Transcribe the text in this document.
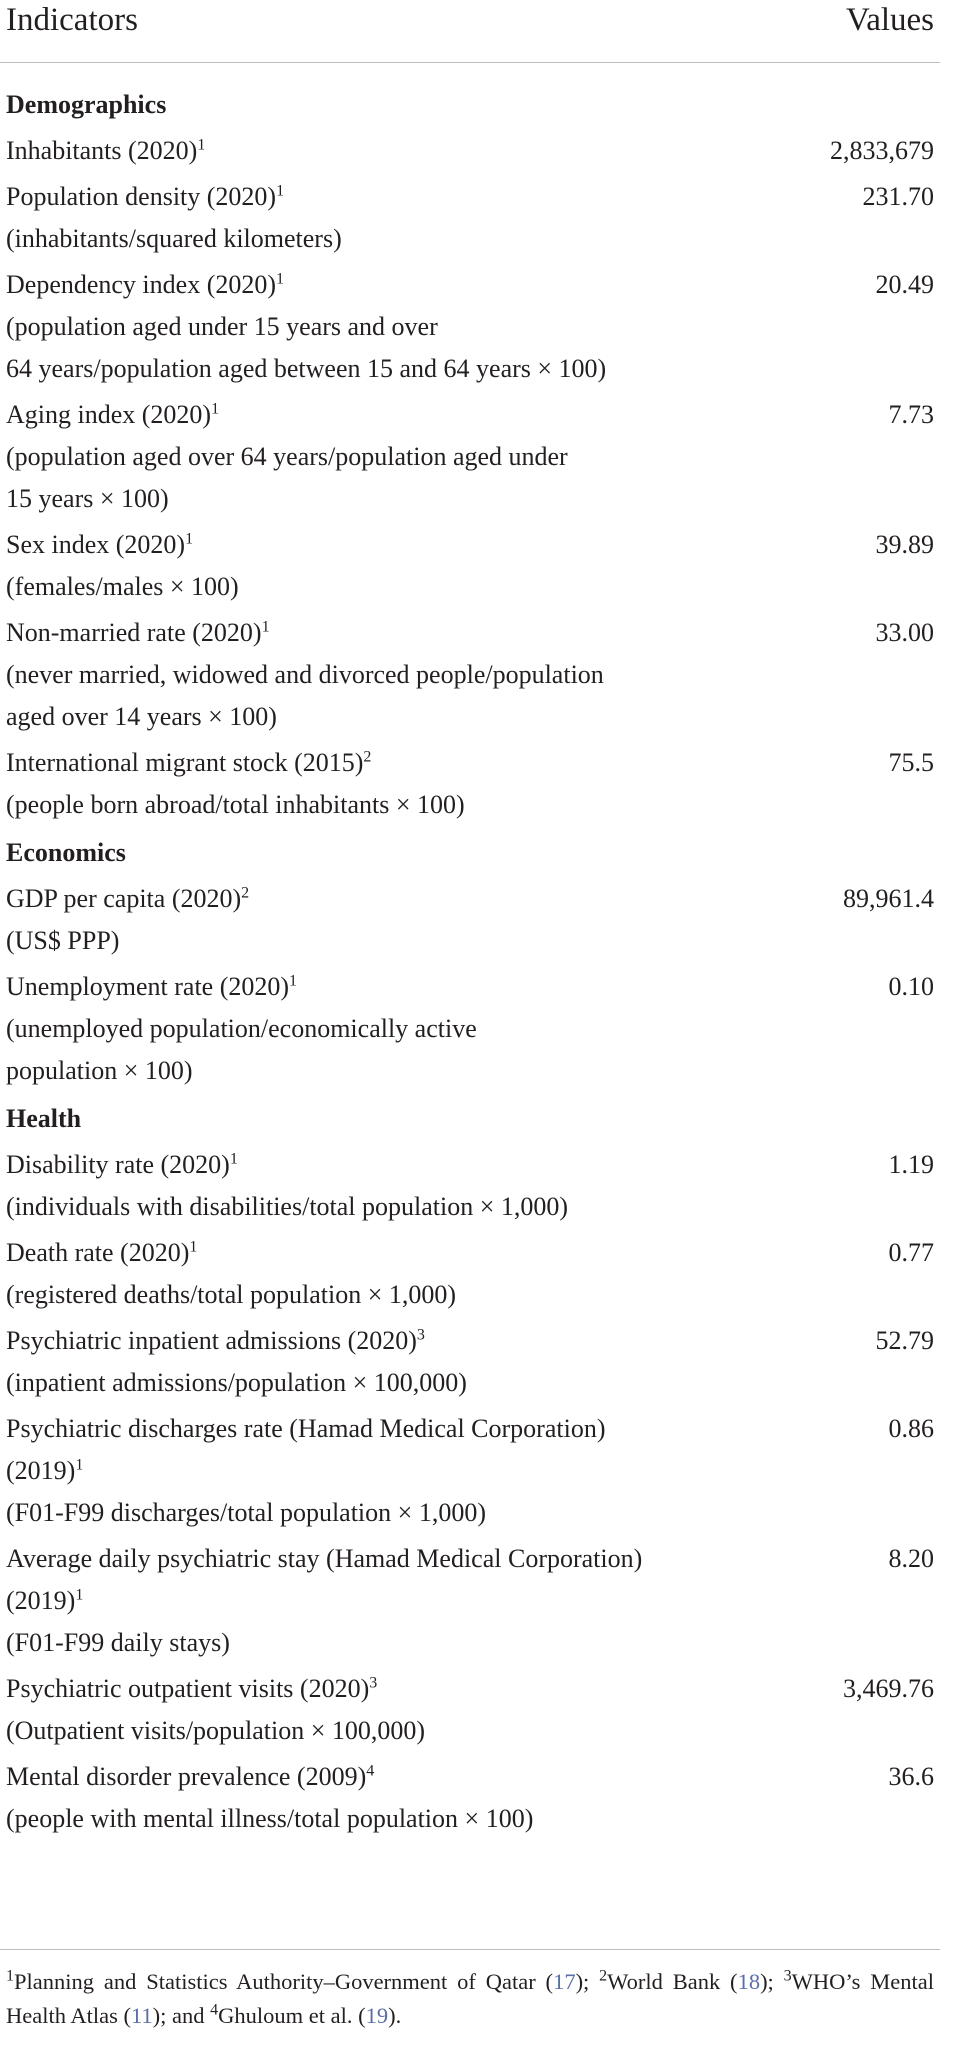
Indicators	Values
Demographics
Inhabitants $(2020)^1$	2,833,679
Population density $(2020)^1$
(inhabitants/squared kilometers)
231.70
Dependency index $(2020)^1$
(population aged under 15 years and over
64 years/population aged between 15 and 64 years × 100)
20.49
Aging index $(2020)^1$
(population aged over 64 years/population aged under
15 years × 100)
7.73
Sex index $(2020)^1$
(females/males × 100)
39.89
Non-married rate $(2020)^1$
(never married, widowed and divorced people/population
aged over 14 years × 100)
33.00
International migrant stock $(2015)^2$
(people born abroad/total inhabitants × 100)
75.5
Economics
GDP per capita $(2020)^2$
(US$ PPP)
89,961.4
Unemployment rate $(2020)^1$
(unemployed population/economically active
population × 100)
0.10
Health
Disability rate $(2020)^1$
(individuals with disabilities/total population × 1,000)
1.19
Death rate $(2020)^1$
(registered deaths/total population × 1,000)
0.77
Psychiatric inpatient admissions $(2020)^3$
(inpatient admissions/population × 100,000)
52.79
Psychiatric discharges rate (Hamad Medical Corporation)
$(2019)^1$
(F01-F99 discharges/total population × 1,000)
0.86
Average daily psychiatric stay (Hamad Medical Corporation)
$(2019)^1$
(F01-F99 daily stays)
8.20
Psychiatric outpatient visits $(2020)^3$
(Outpatient visits/population × 100,000)
3,469.76
Mental disorder prevalence $(2009)^4$
(people with mental illness/total population × 100)
36.6
$^1$Planning and Statistics Authority–Government of Qatar (17); $^2$World Bank (18); $^3$WHO’s Mental Health Atlas (11); and $^4$Ghuloum et al. (19).
